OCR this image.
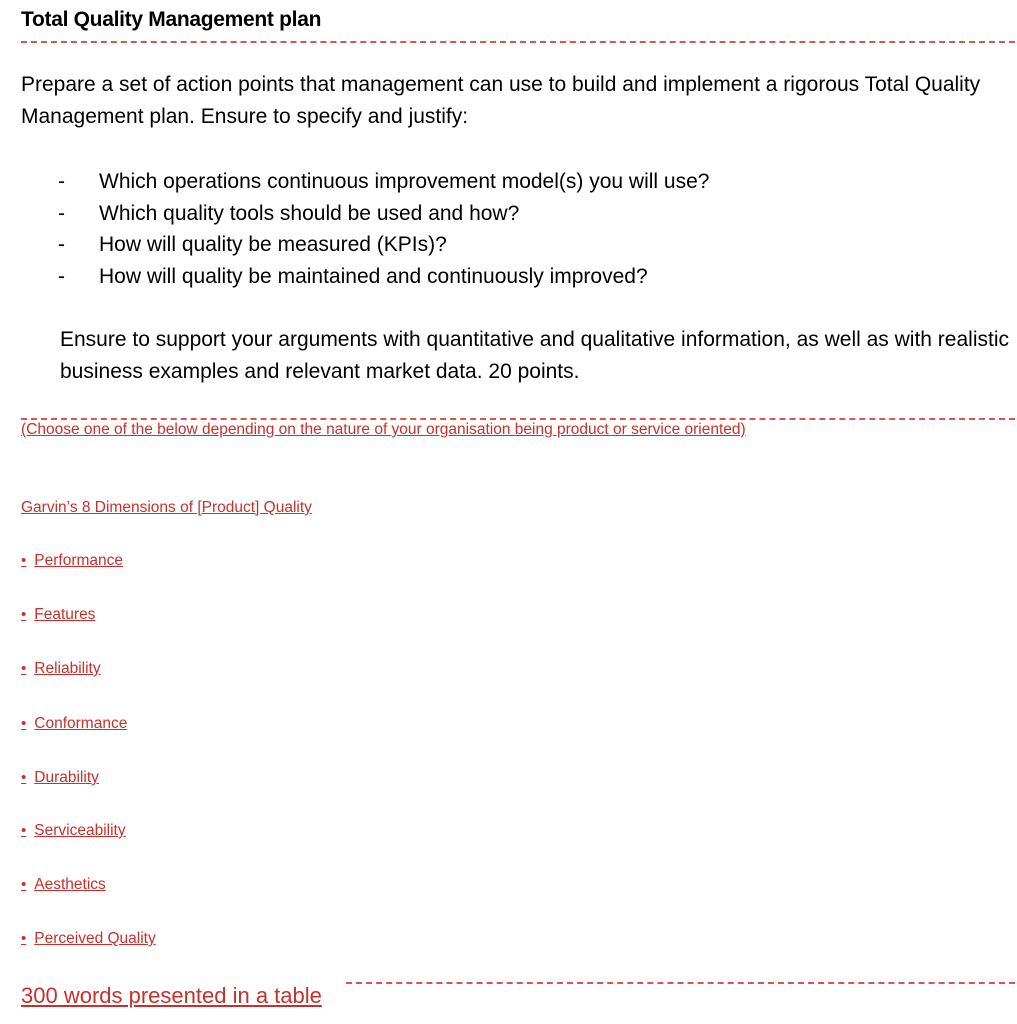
Total Quality Management plan
Prepare a set of action points that management can use to build and implement a rigorous Total Quality Management plan. Ensure to specify and justify:
- Which operations continuous improvement model(s) you will use?
- Which quality tools should be used and how?
- How will quality be measured (KPIs)?
- How will quality be maintained and continuously improved?
Ensure to support your arguments with quantitative and qualitative information, as well as with realistic business examples and relevant market data. 20 points.
(Choose one of the below depending on the nature of your organisation being product or service oriented)
Garvin’s 8 Dimensions of [Product] Quality
• Performance
• Features
• Reliability
• Conformance
• Durability
• Serviceability
• Aesthetics
• Perceived Quality
300 words presented in a table
